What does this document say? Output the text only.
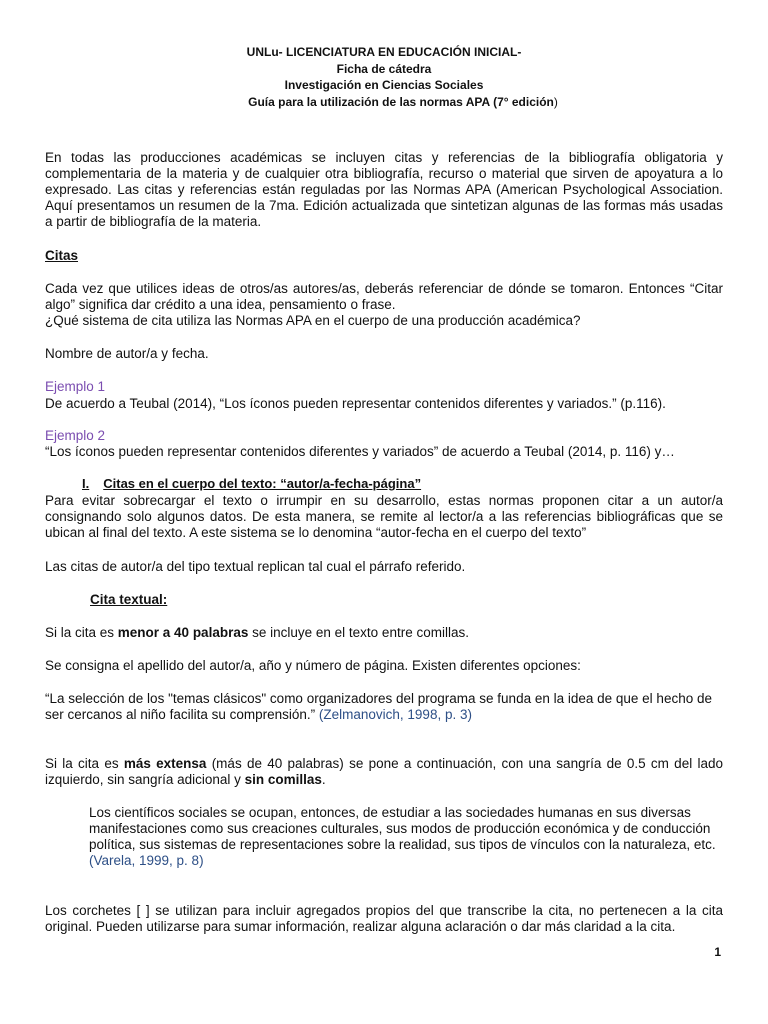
UNLu- LICENCIATURA EN EDUCACIÓN INICIAL-
Ficha de cátedra
Investigación en Ciencias Sociales
Guía para la utilización de las normas APA (7° edición)
En todas las producciones académicas se incluyen citas y referencias de la bibliografía obligatoria y complementaria de la materia y de cualquier otra bibliografía, recurso o material que sirven de apoyatura a lo expresado. Las citas y referencias están reguladas por las Normas APA (American Psychological Association. Aquí presentamos un resumen de la 7ma. Edición actualizada que sintetizan algunas de las formas más usadas a partir de bibliografía de la materia.
Citas
Cada vez que utilices ideas de otros/as autores/as, deberás referenciar de dónde se tomaron. Entonces “Citar algo” significa dar crédito a una idea, pensamiento o frase.
¿Qué sistema de cita utiliza las Normas APA en el cuerpo de una producción académica?
Nombre de autor/a y fecha.
Ejemplo 1
De acuerdo a Teubal (2014), “Los íconos pueden representar contenidos diferentes y variados.” (p.116).
Ejemplo 2
“Los íconos pueden representar contenidos diferentes y variados” de acuerdo a Teubal (2014, p. 116) y…
I. Citas en el cuerpo del texto: “autor/a-fecha-página”
Para evitar sobrecargar el texto o irrumpir en su desarrollo, estas normas proponen citar a un autor/a consignando solo algunos datos. De esta manera, se remite al lector/a a las referencias bibliográficas que se ubican al final del texto. A este sistema se lo denomina “autor-fecha en el cuerpo del texto”
Las citas de autor/a del tipo textual replican tal cual el párrafo referido.
Cita textual:
Si la cita es menor a 40 palabras se incluye en el texto entre comillas.
Se consigna el apellido del autor/a, año y número de página. Existen diferentes opciones:
“La selección de los "temas clásicos" como organizadores del programa se funda en la idea de que el hecho de ser cercanos al niño facilita su comprensión.” (Zelmanovich, 1998, p. 3)
Si la cita es más extensa (más de 40 palabras) se pone a continuación, con una sangría de 0.5 cm del lado izquierdo, sin sangría adicional y sin comillas.
Los científicos sociales se ocupan, entonces, de estudiar a las sociedades humanas en sus diversas manifestaciones como sus creaciones culturales, sus modos de producción económica y de conducción política, sus sistemas de representaciones sobre la realidad, sus tipos de vínculos con la naturaleza, etc. (Varela, 1999, p. 8)
Los corchetes [ ] se utilizan para incluir agregados propios del que transcribe la cita, no pertenecen a la cita original. Pueden utilizarse para sumar información, realizar alguna aclaración o dar más claridad a la cita.
1
